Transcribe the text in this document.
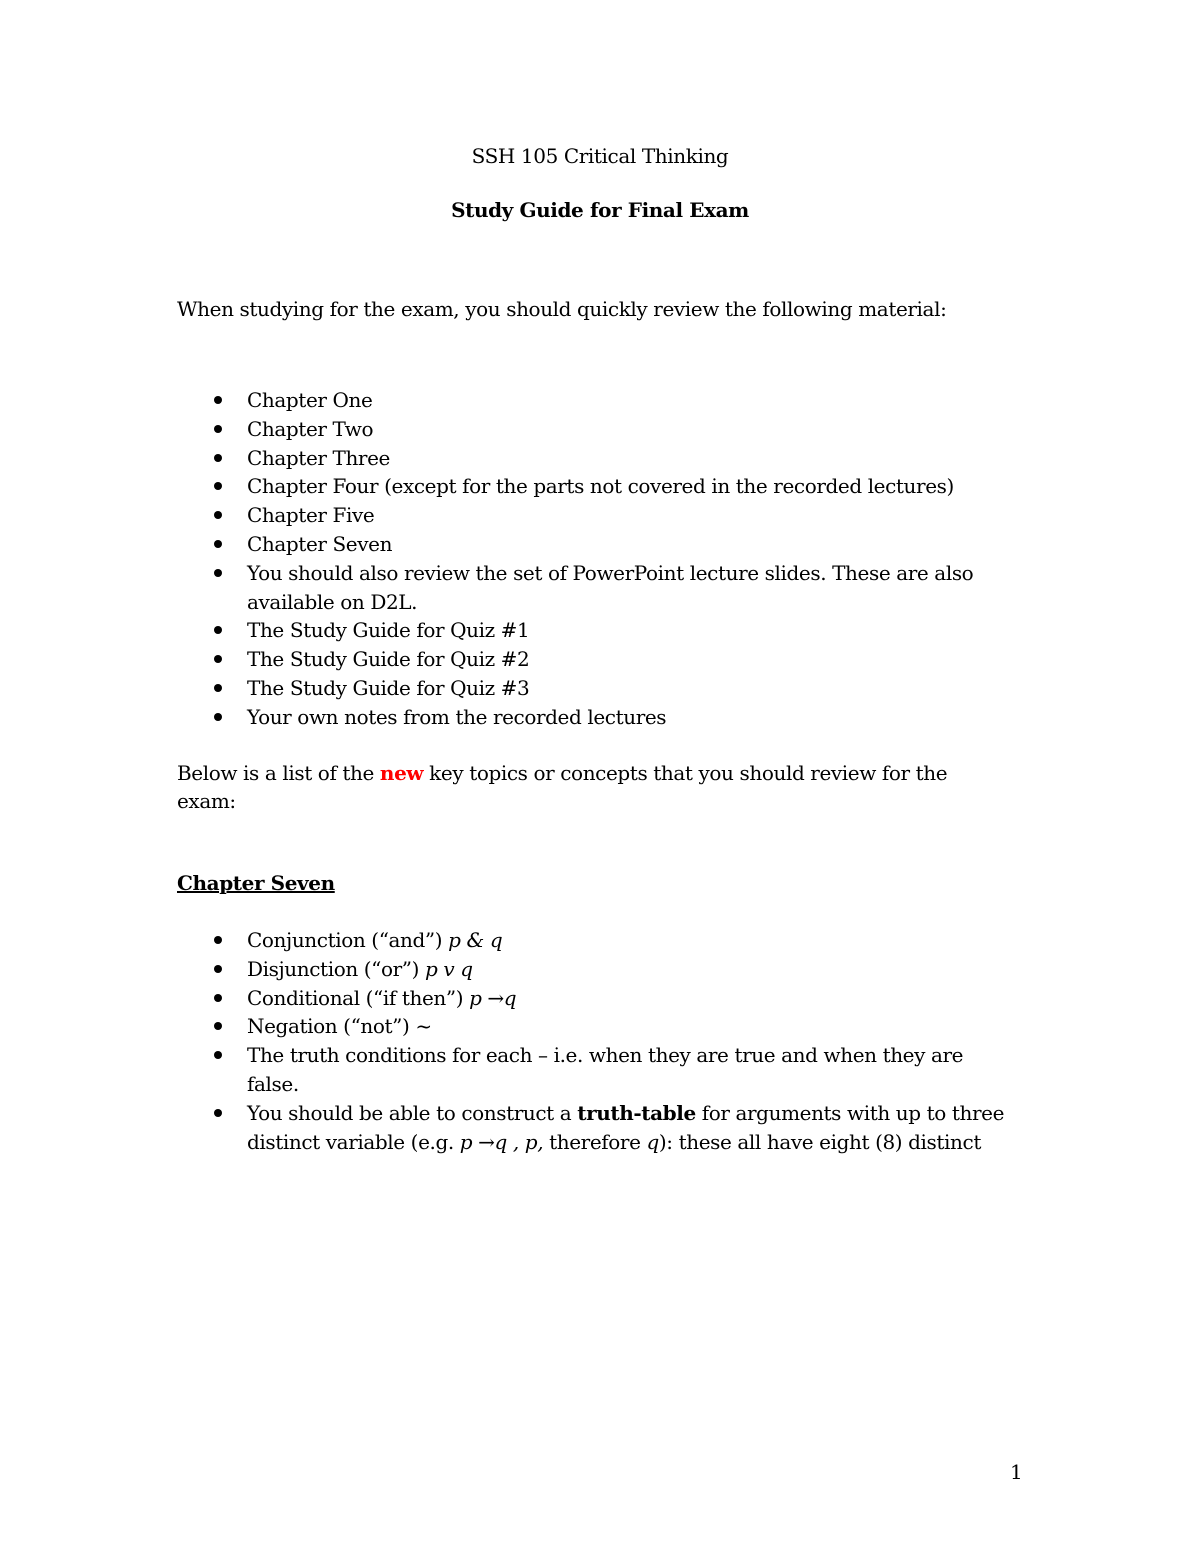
SSH 105 Critical Thinking
Study Guide for Final Exam
When studying for the exam, you should quickly review the following material:
Chapter One
Chapter Two
Chapter Three
Chapter Four (except for the parts not covered in the recorded lectures)
Chapter Five
Chapter Seven
You should also review the set of PowerPoint lecture slides. These are also available on D2L.
The Study Guide for Quiz #1
The Study Guide for Quiz #2
The Study Guide for Quiz #3
Your own notes from the recorded lectures
Below is a list of the new key topics or concepts that you should review for the
exam:
Chapter Seven
Conjunction (“and”) p & q
Disjunction (“or”) p v q
Conditional (“if then”) p →q
Negation (“not”) ~
The truth conditions for each – i.e. when they are true and when they are false.
You should be able to construct a truth-table for arguments with up to three distinct variable (e.g. p →q , p, therefore q): these all have eight (8) distinct
1
